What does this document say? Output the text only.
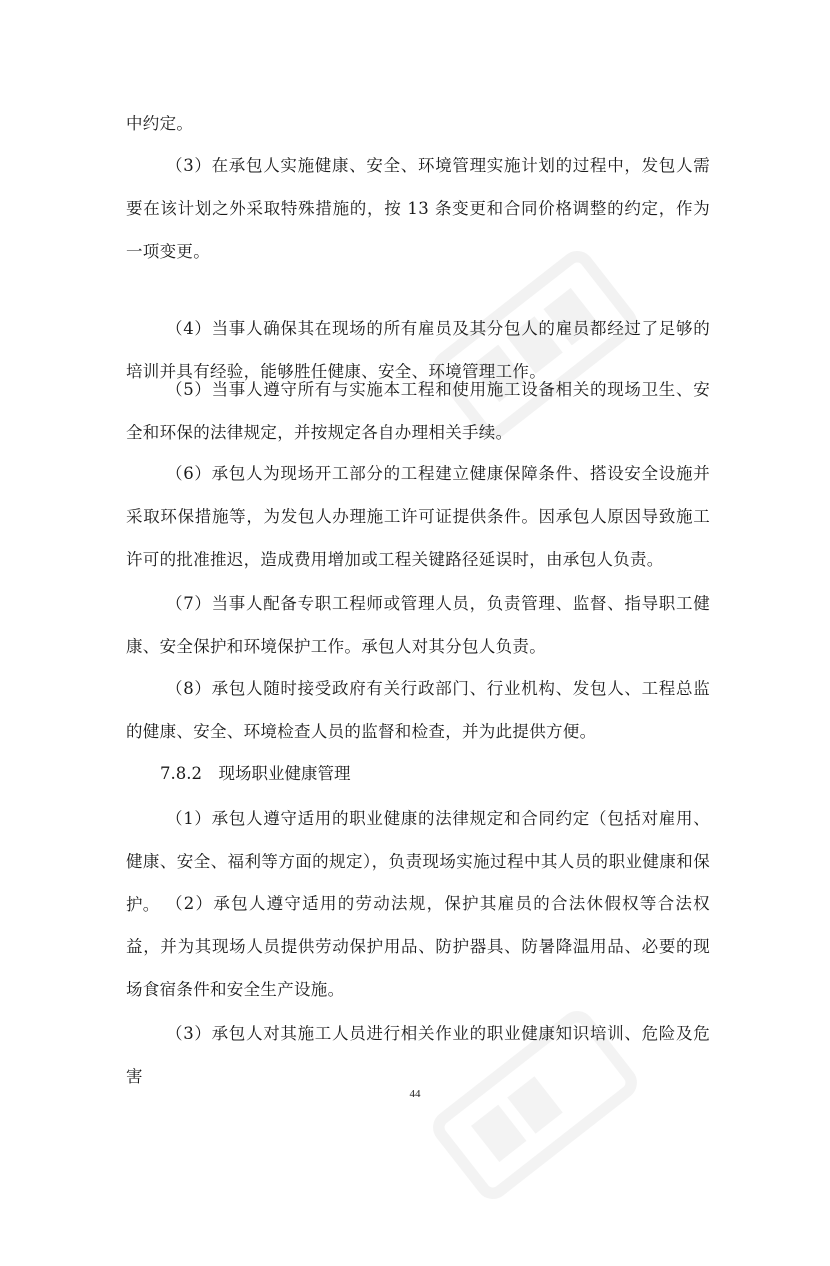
中约定。

（3）在承包人实施健康、安全、环境管理实施计划的过程中，发包人需要在该计划之外采取特殊措施的，按 13 条变更和合同价格调整的约定，作为一项变更。

（4）当事人确保其在现场的所有雇员及其分包人的雇员都经过了足够的培训并具有经验，能够胜任健康、安全、环境管理工作。

（5）当事人遵守所有与实施本工程和使用施工设备相关的现场卫生、安全和环保的法律规定，并按规定各自办理相关手续。

（6）承包人为现场开工部分的工程建立健康保障条件、搭设安全设施并采取环保措施等，为发包人办理施工许可证提供条件。因承包人原因导致施工许可的批准推迟，造成费用增加或工程关键路径延误时，由承包人负责。

（7）当事人配备专职工程师或管理人员，负责管理、监督、指导职工健康、安全保护和环境保护工作。承包人对其分包人负责。

（8）承包人随时接受政府有关行政部门、行业机构、发包人、工程总监的健康、安全、环境检查人员的监督和检查，并为此提供方便。

7.8.2　现场职业健康管理

（1）承包人遵守适用的职业健康的法律规定和合同约定（包括对雇用、健康、安全、福利等方面的规定），负责现场实施过程中其人员的职业健康和保护。 （2）承包人遵守适用的劳动法规，保护其雇员的合法休假权等合法权益，并为其现场人员提供劳动保护用品、防护器具、防暑降温用品、必要的现场食宿条件和安全生产设施。

（3）承包人对其施工人员进行相关作业的职业健康知识培训、危险及危害

44
